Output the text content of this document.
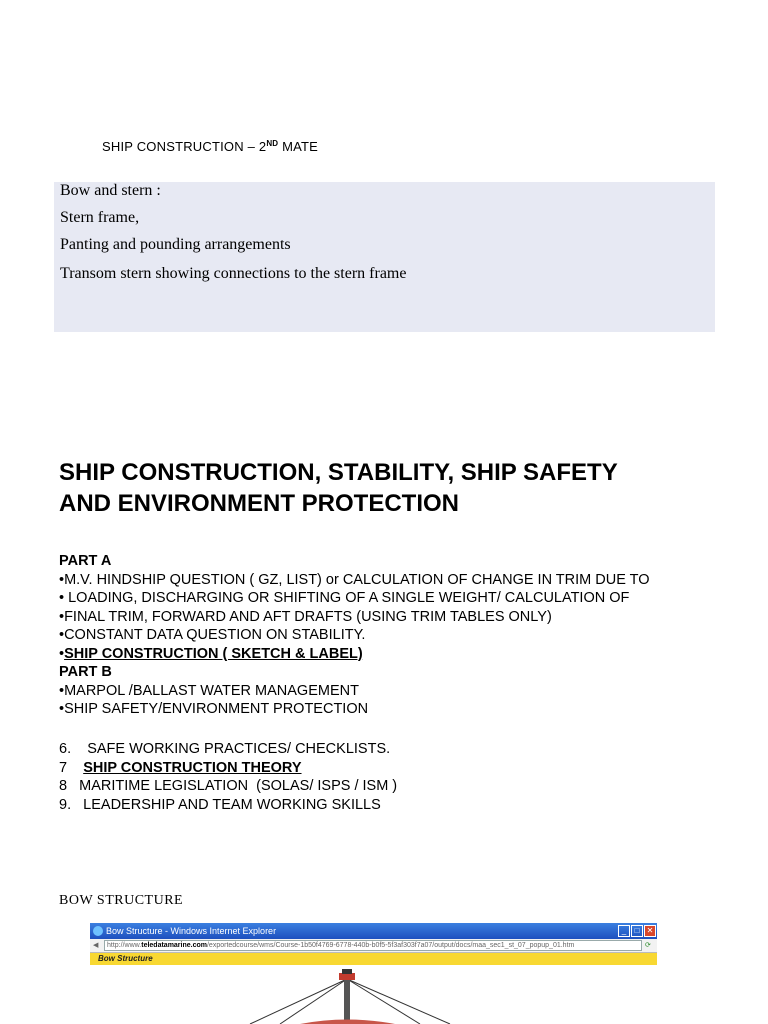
SHIP CONSTRUCTION – 2ND MATE
Bow and stern :
Stern frame,
Panting and pounding arrangements
Transom stern showing connections to the stern frame
SHIP CONSTRUCTION, STABILITY, SHIP SAFETY
AND ENVIRONMENT PROTECTION
PART A
•M.V. HINDSHIP QUESTION ( GZ, LIST) or CALCULATION OF CHANGE IN TRIM DUE TO
• LOADING, DISCHARGING OR SHIFTING OF A SINGLE WEIGHT/ CALCULATION OF
•FINAL TRIM, FORWARD AND AFT DRAFTS (USING TRIM TABLES ONLY)
•CONSTANT DATA QUESTION ON STABILITY.
•SHIP CONSTRUCTION ( SKETCH & LABEL)
PART B
•MARPOL /BALLAST WATER MANAGEMENT
•SHIP SAFETY/ENVIRONMENT PROTECTION
6.    SAFE WORKING PRACTICES/ CHECKLISTS.
7    SHIP CONSTRUCTION THEORY
8   MARITIME LEGISLATION  (SOLAS/ ISPS / ISM )
9.   LEADERSHIP AND TEAM WORKING SKILLS
BOW STRUCTURE
Bow Structure - Windows Internet Explorer	_	□ ✕
◀	http://www.teledatamarine.com/exportedcourse/wms/Course-1b50f4769-6778-440b-b0f5-5f3af303f7a07/output/docs/maa_sec1_st_07_popup_01.htm	⟳
Bow Structure
